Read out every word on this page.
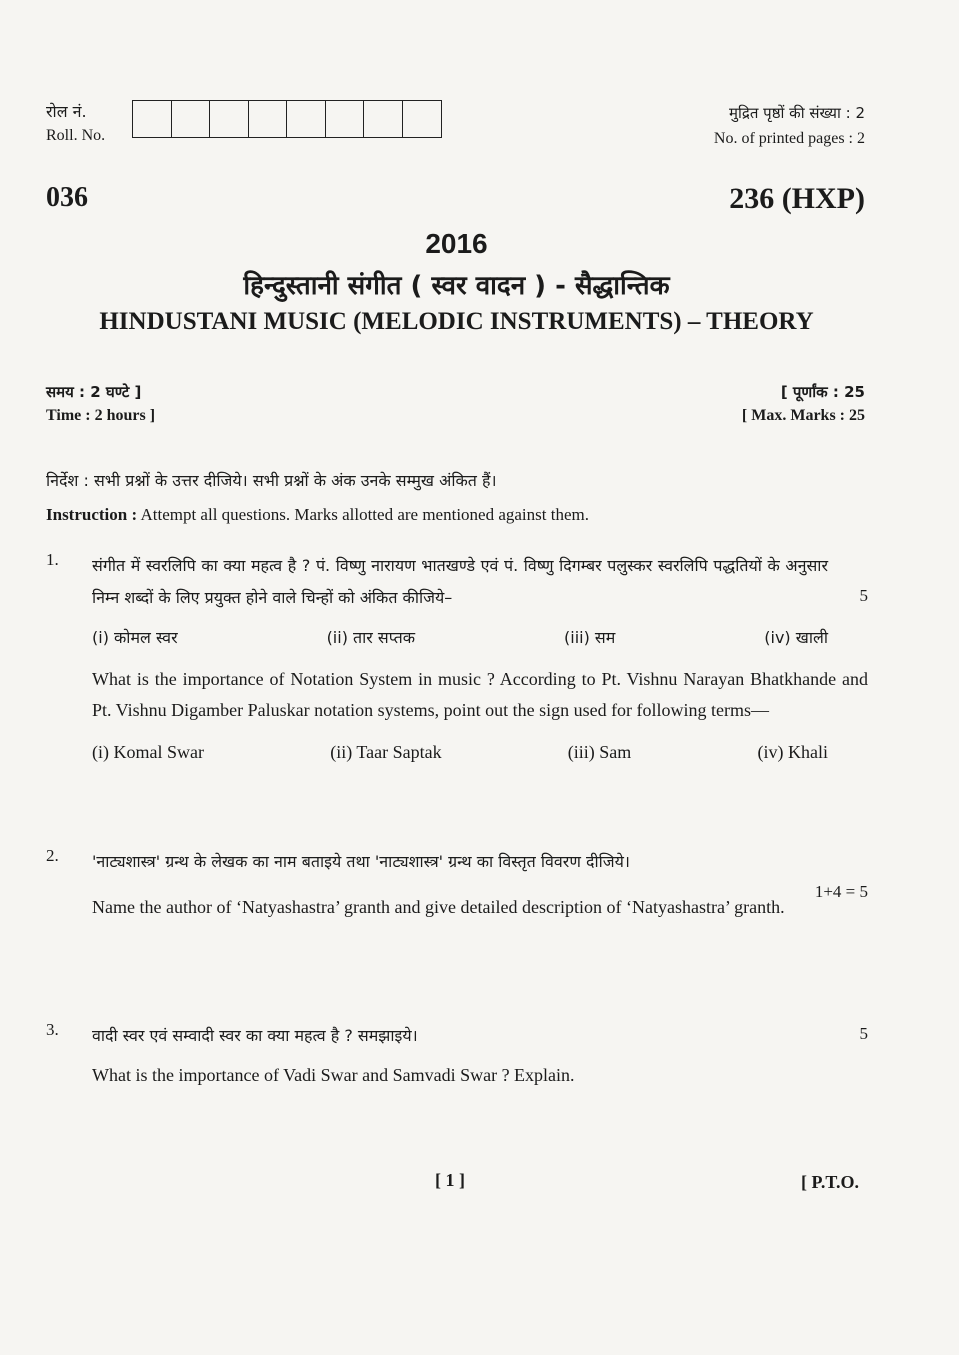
रोल नं.
Roll. No.
मुद्रित पृष्ठों की संख्या : 2
No. of printed pages : 2
036	236 (HXP)
2016
हिन्दुस्तानी संगीत ( स्वर वादन ) - सैद्धान्तिक
HINDUSTANI MUSIC (MELODIC INSTRUMENTS) – THEORY
समय : 2 घण्टे ]
Time : 2 hours ]
[ पूर्णांक : 25
[ Max. Marks : 25
निर्देश : सभी प्रश्नों के उत्तर दीजिये। सभी प्रश्नों के अंक उनके सम्मुख अंकित हैं।
Instruction : Attempt all questions. Marks allotted are mentioned against them.
1. संगीत में स्वरलिपि का क्या महत्व है ? पं. विष्णु नारायण भातखण्डे एवं पं. विष्णु दिगम्बर पलुस्कर स्वरलिपि पद्धतियों के अनुसार निम्न शब्दों के लिए प्रयुक्त होने वाले चिन्हों को अंकित कीजिये–	5
(i) कोमल स्वर	(ii) तार सप्तक	(iii) सम	(iv) खाली
What is the importance of Notation System in music ? According to Pt. Vishnu Narayan Bhatkhande and Pt. Vishnu Digamber Paluskar notation systems, point out the sign used for following terms—
(i) Komal Swar	(ii) Taar Saptak	(iii) Sam	(iv) Khali
2. 'नाट्यशास्त्र' ग्रन्थ के लेखक का नाम बताइये तथा 'नाट्यशास्त्र' ग्रन्थ का विस्तृत विवरण दीजिये।
1+4 = 5
Name the author of ‘Natyashastra’ granth and give detailed description of ‘Natyashastra’ granth.
3. वादी स्वर एवं सम्वादी स्वर का क्या महत्व है ? समझाइये।	5
What is the importance of Vadi Swar and Samvadi Swar ? Explain.
[ 1 ]	[ P.T.O.
